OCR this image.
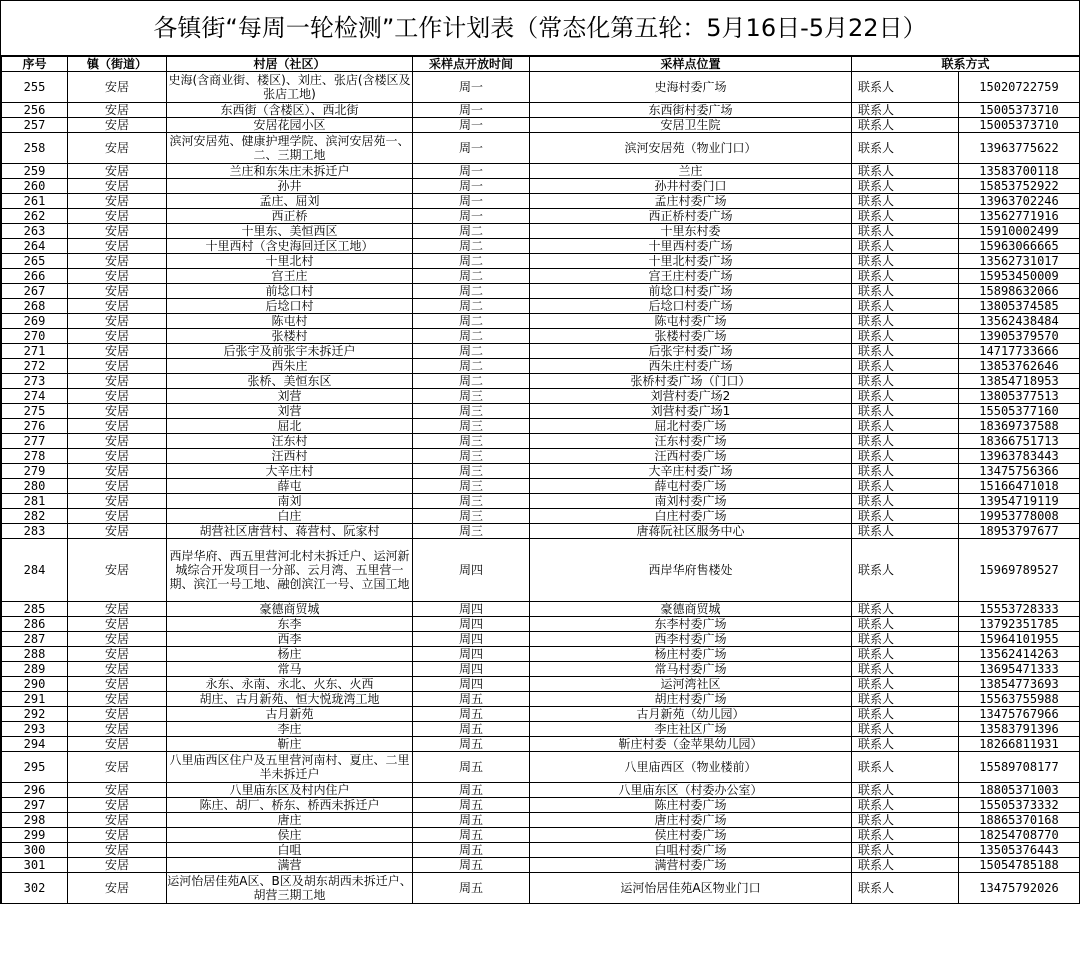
各镇街“每周一轮检测”工作计划表（常态化第五轮：5月16日-5月22日）
序号	镇（街道）	村居（社区）	采样点开放时间	采样点位置	联系方式	
255	安居	史海(含商业街、楼区)、刘庄、张店(含楼区及张店工地)	周一	史海村委广场	联系人	15020722759
256	安居	东西街（含楼区）、西北街	周一	东西街村委广场	联系人	15005373710
257	安居	安居花园小区	周一	安居卫生院	联系人	15005373710
258	安居	滨河安居苑、健康护理学院、滨河安居苑一、二、三期工地	周一	滨河安居苑（物业门口）	联系人	13963775622
259	安居	兰庄和东朱庄未拆迁户	周一	兰庄	联系人	13583700118
260	安居	孙井	周一	孙井村委门口	联系人	15853752922
261	安居	孟庄、屈刘	周一	孟庄村委广场	联系人	13963702246
262	安居	西正桥	周一	西正桥村委广场	联系人	13562771916
263	安居	十里东、美恒西区	周二	十里东村委	联系人	15910002499
264	安居	十里西村（含史海回迁区工地）	周二	十里西村委广场	联系人	15963066665
265	安居	十里北村	周二	十里北村委广场	联系人	13562731017
266	安居	宫王庄	周二	宫王庄村委广场	联系人	15953450009
267	安居	前埝口村	周二	前埝口村委广场	联系人	15898632066
268	安居	后埝口村	周二	后埝口村委广场	联系人	13805374585
269	安居	陈屯村	周二	陈屯村委广场	联系人	13562438484
270	安居	张楼村	周二	张楼村委广场	联系人	13905379570
271	安居	后张宇及前张宇未拆迁户	周二	后张宇村委广场	联系人	14717733666
272	安居	西朱庄	周二	西朱庄村委广场	联系人	13853762646
273	安居	张桥、美恒东区	周二	张桥村委广场（门口）	联系人	13854718953
274	安居	刘营	周三	刘营村委广场2	联系人	13805377513
275	安居	刘营	周三	刘营村委广场1	联系人	15505377160
276	安居	屈北	周三	屈北村委广场	联系人	18369737588
277	安居	汪东村	周三	汪东村委广场	联系人	18366751713
278	安居	汪西村	周三	汪西村委广场	联系人	13963783443
279	安居	大辛庄村	周三	大辛庄村委广场	联系人	13475756366
280	安居	薛屯	周三	薛屯村委广场	联系人	15166471018
281	安居	南刘	周三	南刘村委广场	联系人	13954719119
282	安居	白庄	周三	白庄村委广场	联系人	19953778008
283	安居	胡营社区唐营村、蒋营村、阮家村	周三	唐蒋阮社区服务中心	联系人	18953797677
284	安居	西岸华府、西五里营河北村未拆迁户、运河新城综合开发项目一分部、云月湾、五里营一期、滨江一号工地、融创滨江一号、立国工地	周四	西岸华府售楼处	联系人	15969789527
285	安居	豪德商贸城	周四	豪德商贸城	联系人	15553728333
286	安居	东李	周四	东李村委广场	联系人	13792351785
287	安居	西李	周四	西李村委广场	联系人	15964101955
288	安居	杨庄	周四	杨庄村委广场	联系人	13562414263
289	安居	常马	周四	常马村委广场	联系人	13695471333
290	安居	永东、永南、永北、火东、火西	周四	运河湾社区	联系人	13854773693
291	安居	胡庄、古月新苑、恒大悦珑湾工地	周五	胡庄村委广场	联系人	15563755988
292	安居	古月新苑	周五	古月新苑（幼儿园）	联系人	13475767966
293	安居	李庄	周五	李庄社区广场	联系人	13583791396
294	安居	靳庄	周五	靳庄村委（金苹果幼儿园）	联系人	18266811931
295	安居	八里庙西区住户及五里营河南村、夏庄、二里半未拆迁户	周五	八里庙西区（物业楼前）	联系人	15589708177
296	安居	八里庙东区及村内住户	周五	八里庙东区（村委办公室）	联系人	18805371003
297	安居	陈庄、胡厂、桥东、桥西未拆迁户	周五	陈庄村委广场	联系人	15505373332
298	安居	唐庄	周五	唐庄村委广场	联系人	18865370168
299	安居	侯庄	周五	侯庄村委广场	联系人	18254708770
300	安居	白咀	周五	白咀村委广场	联系人	13505376443
301	安居	满营	周五	满营村委广场	联系人	15054785188
302	安居	运河怡居佳苑A区、B区及胡东胡西未拆迁户、胡营三期工地	周五	运河怡居佳苑A区物业门口	联系人	13475792026
